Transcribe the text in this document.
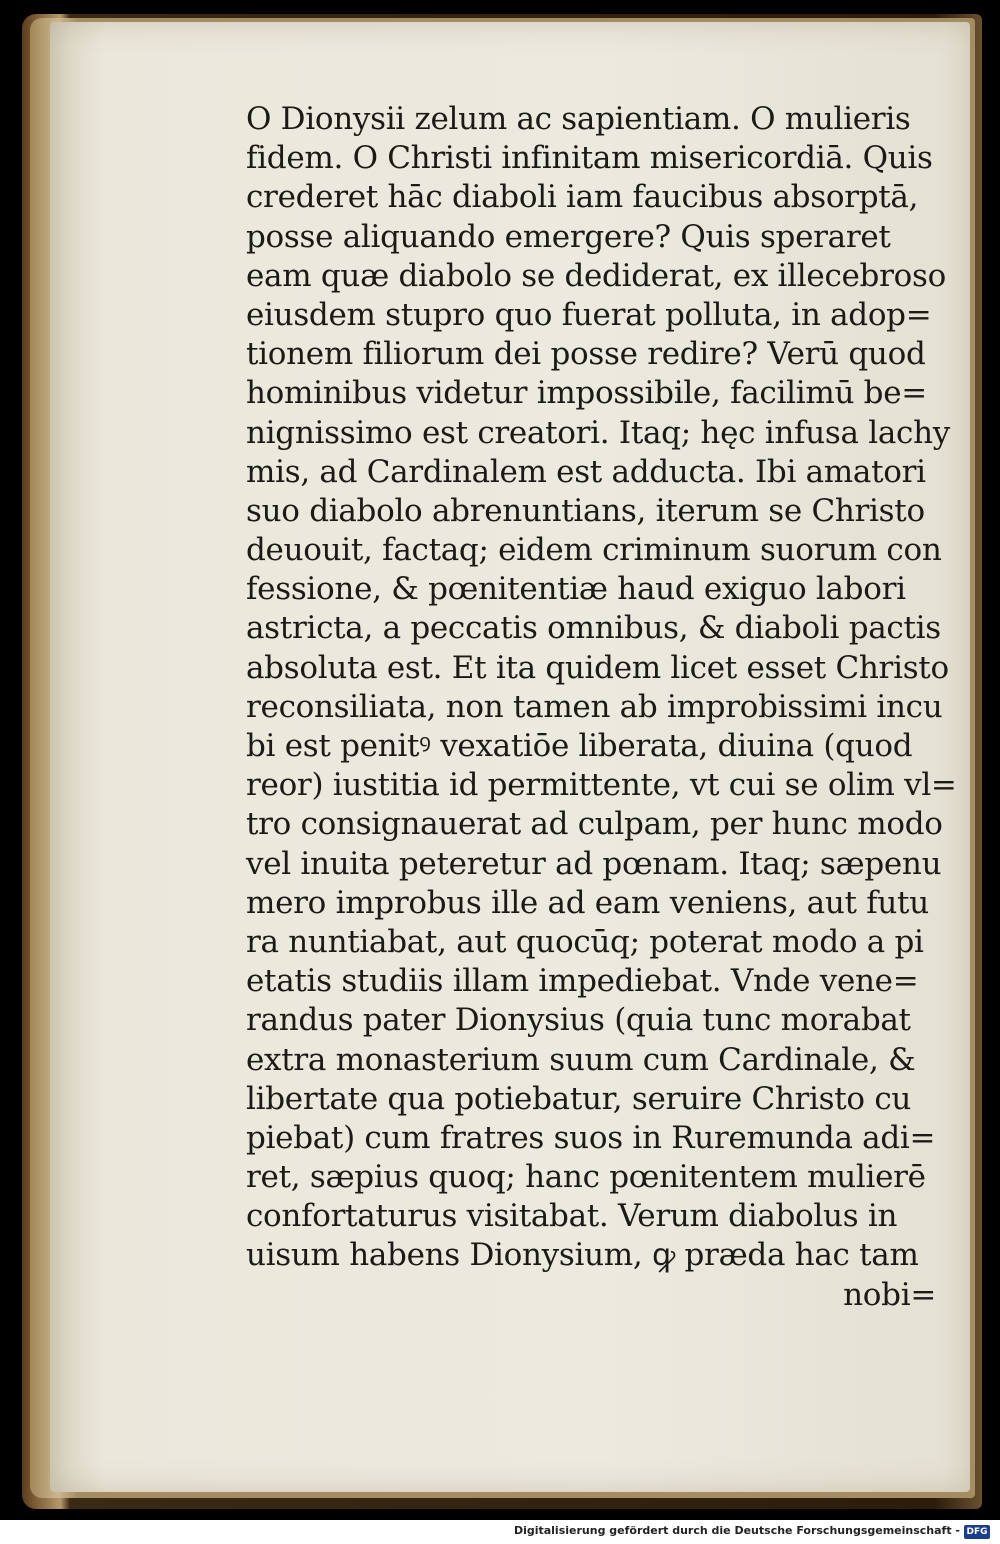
O Dionysii zelum ac sapientiam. O mulieris
fidem. O Christi infinitam misericordiā. Quis
crederet hāc diaboli iam faucibus absorptā,
posse aliquando emergere? Quis speraret
eam quæ diabolo se dediderat, ex illecebroso
eiusdem stupro quo fuerat polluta, in adop=
tionem filiorum dei posse redire? Verū quod
hominibus videtur impossibile, facilimū be=
nignissimo est creatori. Itaq; hęc infusa lachy
mis, ad Cardinalem est adducta. Ibi amatori
suo diabolo abrenuntians, iterum se Christo
deuouit, factaq; eidem criminum suorum con
fessione, & pœnitentiæ haud exiguo labori
astricta, a peccatis omnibus, & diaboli pactis
absoluta est. Et ita quidem licet esset Christo
reconsiliata, non tamen ab improbissimi incu
bi est penitꝰ vexatiōe liberata, diuina (quod
reor) iustitia id permittente, vt cui se olim vl=
tro consignauerat ad culpam, per hunc modo
vel inuita peteretur ad pœnam. Itaq; sæpenu
mero improbus ille ad eam veniens, aut futu
ra nuntiabat, aut quocūq; poterat modo a pi
etatis studiis illam impediebat. Vnde vene=
randus pater Dionysius (quia tunc morabat
extra monasterium suum cum Cardinale, &
libertate qua potiebatur, seruire Christo cu
piebat) cum fratres suos in Ruremunda adi=
ret, sæpius quoq; hanc pœnitentem mulierē
confortaturus visitabat. Verum diabolus in
uisum habens Dionysium, ꝙ præda hac tam
nobi=
Digitalisierung gefördert durch die Deutsche Forschungsgemeinschaft - DFG
